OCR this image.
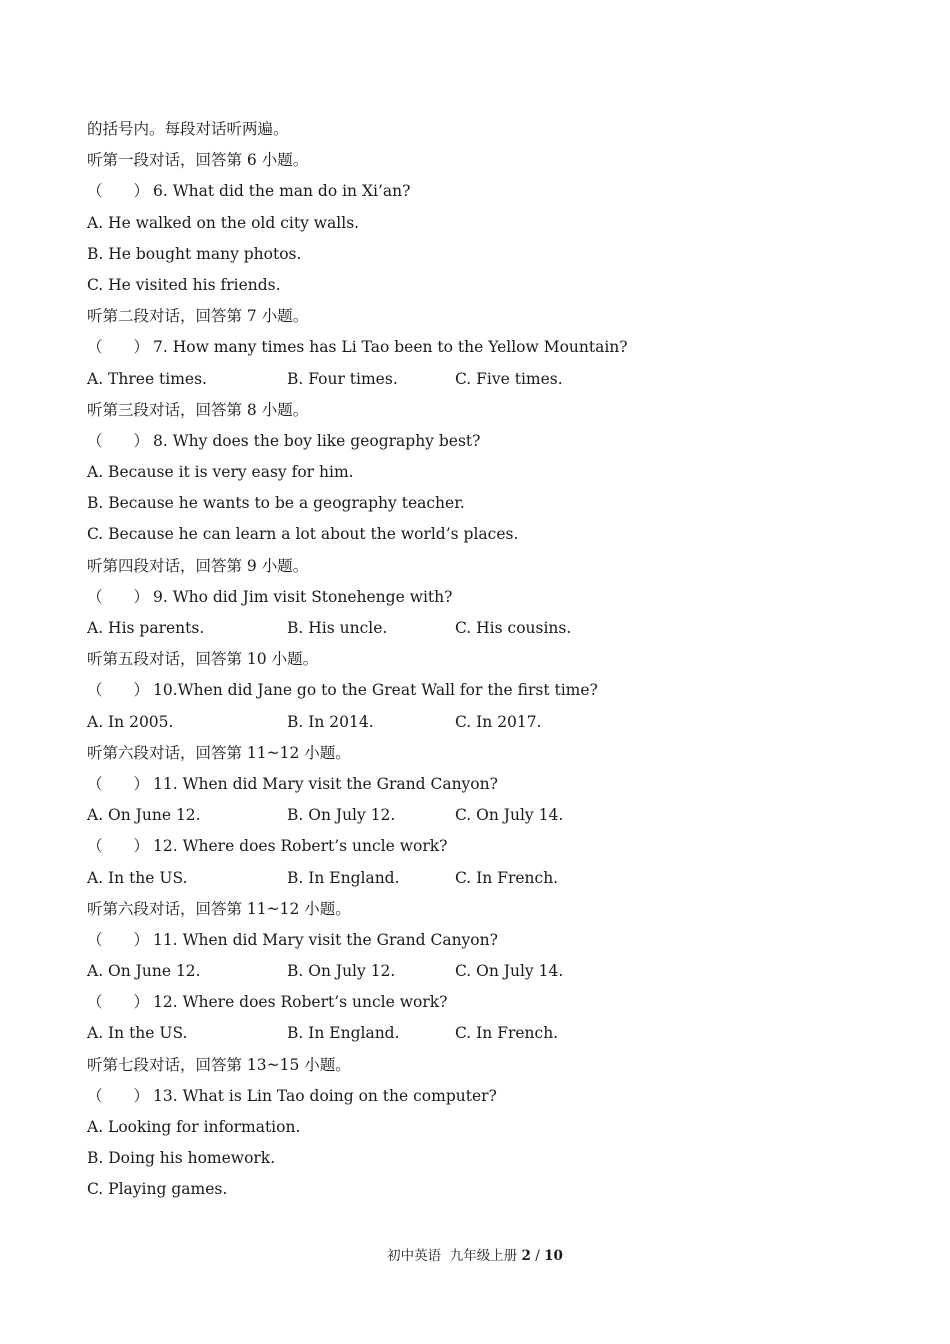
的括号内。每段对话听两遍。
听第一段对话，回答第 6 小题。
（　　） 6. What did the man do in Xi’an?
A. He walked on the old city walls.
B. He bought many photos.
C. He visited his friends.
听第二段对话，回答第 7 小题。
（　　） 7. How many times has Li Tao been to the Yellow Mountain?
A. Three times.	B. Four times.	C. Five times.
听第三段对话，回答第 8 小题。
（　　） 8. Why does the boy like geography best?
A. Because it is very easy for him.
B. Because he wants to be a geography teacher.
C. Because he can learn a lot about the world’s places.
听第四段对话，回答第 9 小题。
（　　） 9. Who did Jim visit Stonehenge with?
A. His parents.	B. His uncle.	C. His cousins.
听第五段对话，回答第 10 小题。
（　　） 10.When did Jane go to the Great Wall for the first time?
A. In 2005.	B. In 2014.	C. In 2017.
听第六段对话，回答第 11~12 小题。
（　　） 11. When did Mary visit the Grand Canyon?
A. On June 12.	B. On July 12.	C. On July 14.
（　　） 12. Where does Robert’s uncle work?
A. In the US.	B. In England.	C. In French.
听第六段对话，回答第 11~12 小题。
（　　） 11. When did Mary visit the Grand Canyon?
A. On June 12.	B. On July 12.	C. On July 14.
（　　） 12. Where does Robert’s uncle work?
A. In the US.	B. In England.	C. In French.
听第七段对话，回答第 13~15 小题。
（　　） 13. What is Lin Tao doing on the computer?
A. Looking for information.
B. Doing his homework.
C. Playing games.
初中英语 九年级上册 2 / 10
